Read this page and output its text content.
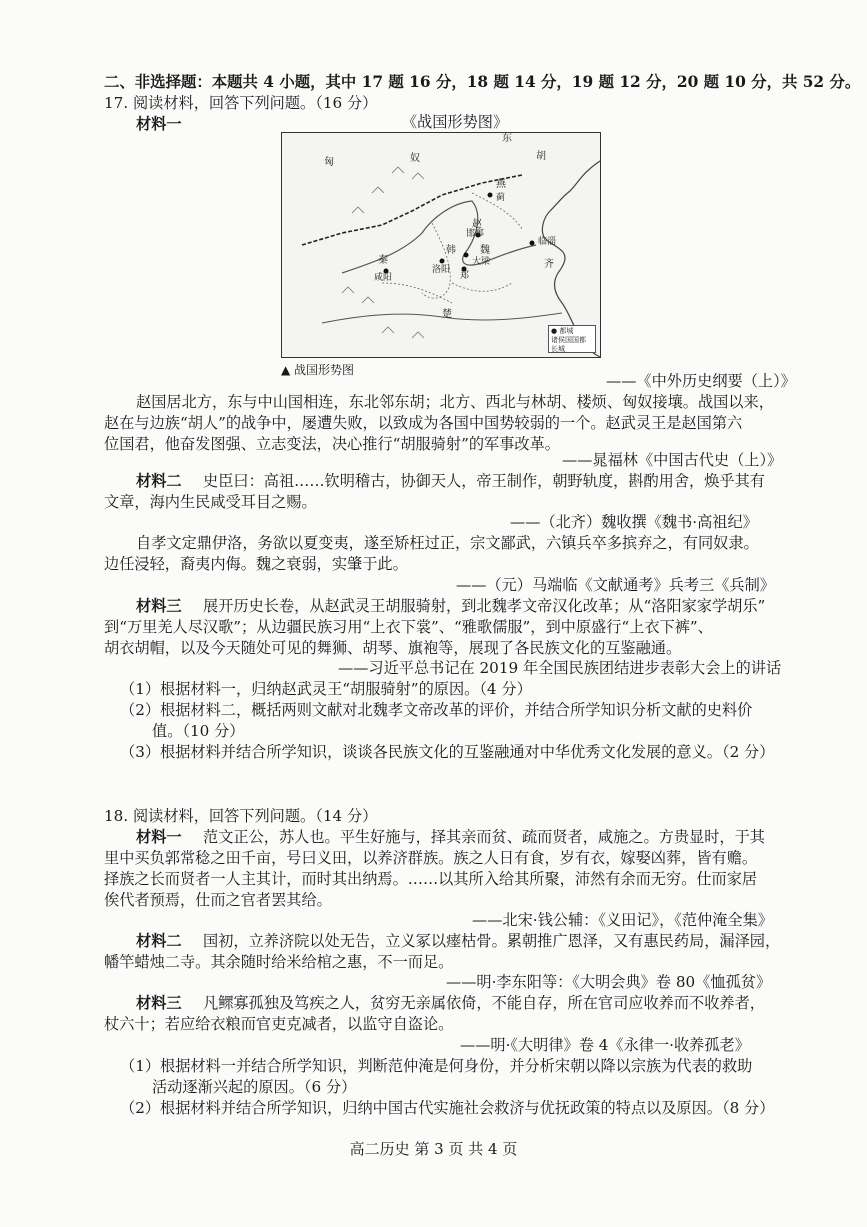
二、非选择题：本题共 4 小题，其中 17 题 16 分，18 题 14 分，19 题 12 分，20 题 10 分，共 52 分。
17. 阅读材料，回答下列问题。（16 分）
材料一	《战国形势图》
匈	奴
东
胡
燕
蓟
赵
邯郸
临淄
齐
秦
咸阳
洛阳
郑
魏
大梁
韩
楚
● 都城
诸侯国国都
长城
▲ 战国形势图
——《中外历史纲要（上）》
赵国居北方，东与中山国相连，东北邻东胡；北方、西北与林胡、楼烦、匈奴接壤。战国以来，
赵在与边族“胡人”的战争中，屡遭失败，以致成为各国中国势较弱的一个。赵武灵王是赵国第六
位国君，他奋发图强、立志变法，决心推行“胡服骑射”的军事改革。
——晁福林《中国古代史（上）》
材料二 史臣曰：高祖……钦明稽古，协御天人，帝王制作，朝野轨度，斟酌用舍，焕乎其有
文章，海内生民咸受耳目之赐。
——（北齐）魏收撰《魏书·高祖纪》
自孝文定鼎伊洛，务欲以夏变夷，遂至矫枉过正，宗文鄙武，六镇兵卒多摈弃之，有同奴隶。
边任浸轻，裔夷内侮。魏之衰弱，实肇于此。
——（元）马端临《文献通考》兵考三《兵制》
材料三 展开历史长卷，从赵武灵王胡服骑射，到北魏孝文帝汉化改革；从“洛阳家家学胡乐”
到“万里羌人尽汉歌”；从边疆民族习用“上衣下裳”、“雅歌儒服”，到中原盛行“上衣下裤”、
胡衣胡帽，以及今天随处可见的舞狮、胡琴、旗袍等，展现了各民族文化的互鉴融通。
——习近平总书记在 2019 年全国民族团结进步表彰大会上的讲话
（1）根据材料一，归纳赵武灵王“胡服骑射”的原因。（4 分）
（2）根据材料二，概括两则文献对北魏孝文帝改革的评价，并结合所学知识分析文献的史料价
值。（10 分）
（3）根据材料并结合所学知识，谈谈各民族文化的互鉴融通对中华优秀文化发展的意义。（2 分）
18. 阅读材料，回答下列问题。（14 分）
材料一 范文正公，苏人也。平生好施与，择其亲而贫、疏而贤者，咸施之。方贵显时，于其
里中买负郭常稔之田千亩，号曰义田，以养济群族。族之人日有食，岁有衣，嫁娶凶葬，皆有赡。
择族之长而贤者一人主其计，而时其出纳焉。……以其所入给其所聚，沛然有余而无穷。仕而家居
俟代者预焉，仕而之官者罢其给。
——北宋·钱公辅：《义田记》，《范仲淹全集》
材料二 国初，立养济院以处无告，立义冢以瘗枯骨。累朝推广恩泽，又有惠民药局，漏泽园，
幡竿蜡烛二寺。其余随时给米给棺之惠，不一而足。
——明·李东阳等：《大明会典》卷 80《恤孤贫》
材料三 凡鳏寡孤独及笃疾之人，贫穷无亲属依倚，不能自存，所在官司应收养而不收养者，
杖六十；若应给衣粮而官吏克减者，以监守自盗论。
——明·《大明律》卷 4《永律一·收养孤老》
（1）根据材料一并结合所学知识，判断范仲淹是何身份，并分析宋朝以降以宗族为代表的救助
活动逐渐兴起的原因。（6 分）
（2）根据材料并结合所学知识，归纳中国古代实施社会救济与优抚政策的特点以及原因。（8 分）
高二历史 第 3 页 共 4 页
